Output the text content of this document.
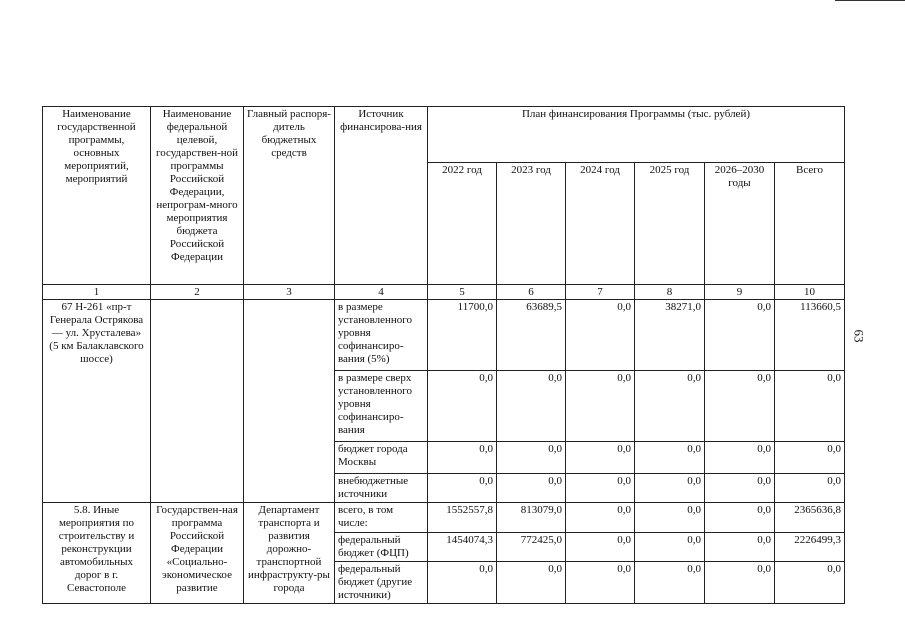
63
Наименование государственной программы, основных мероприятий, мероприятий	Наименование федеральной целевой, государствен-ной программы Российской Федерации, непрограм-много мероприятия бюджета Российской Федерации	Главный распоря-дитель бюджетных средств	Источник финансирова-ния	План финансирования Программы (тыс. рублей)					
				2022 год	2023 год	2024 год	2025 год	2026–2030 годы	Всего
1	2	3	4	5	6	7	8	9	10
67 Н-261 «пр-т Генерала Острякова — ул. Хрусталева» (5 км Балаклавского шоссе)			в размере установленного уровня софинансиро-вания (5%)	11700,0	63689,5	0,0	38271,0	0,0	113660,5
			в размере сверх установленного уровня софинансиро-вания	0,0	0,0	0,0	0,0	0,0	0,0
			бюджет города Москвы	0,0	0,0	0,0	0,0	0,0	0,0
			внебюджетные источники	0,0	0,0	0,0	0,0	0,0	0,0
5.8. Иные мероприятия по строительству и реконструкции автомобильных дорог в г. Севастополе	Государствен-ная программа Российской Федерации «Социально-экономическое развитие	Департамент транспорта и развития дорожно-транспортной инфраструкту-ры города	всего, в том числе:	1552557,8	813079,0	0,0	0,0	0,0	2365636,8
			федеральный бюджет (ФЦП)	1454074,3	772425,0	0,0	0,0	0,0	2226499,3
			федеральный бюджет (другие источники)	0,0	0,0	0,0	0,0	0,0	0,0
